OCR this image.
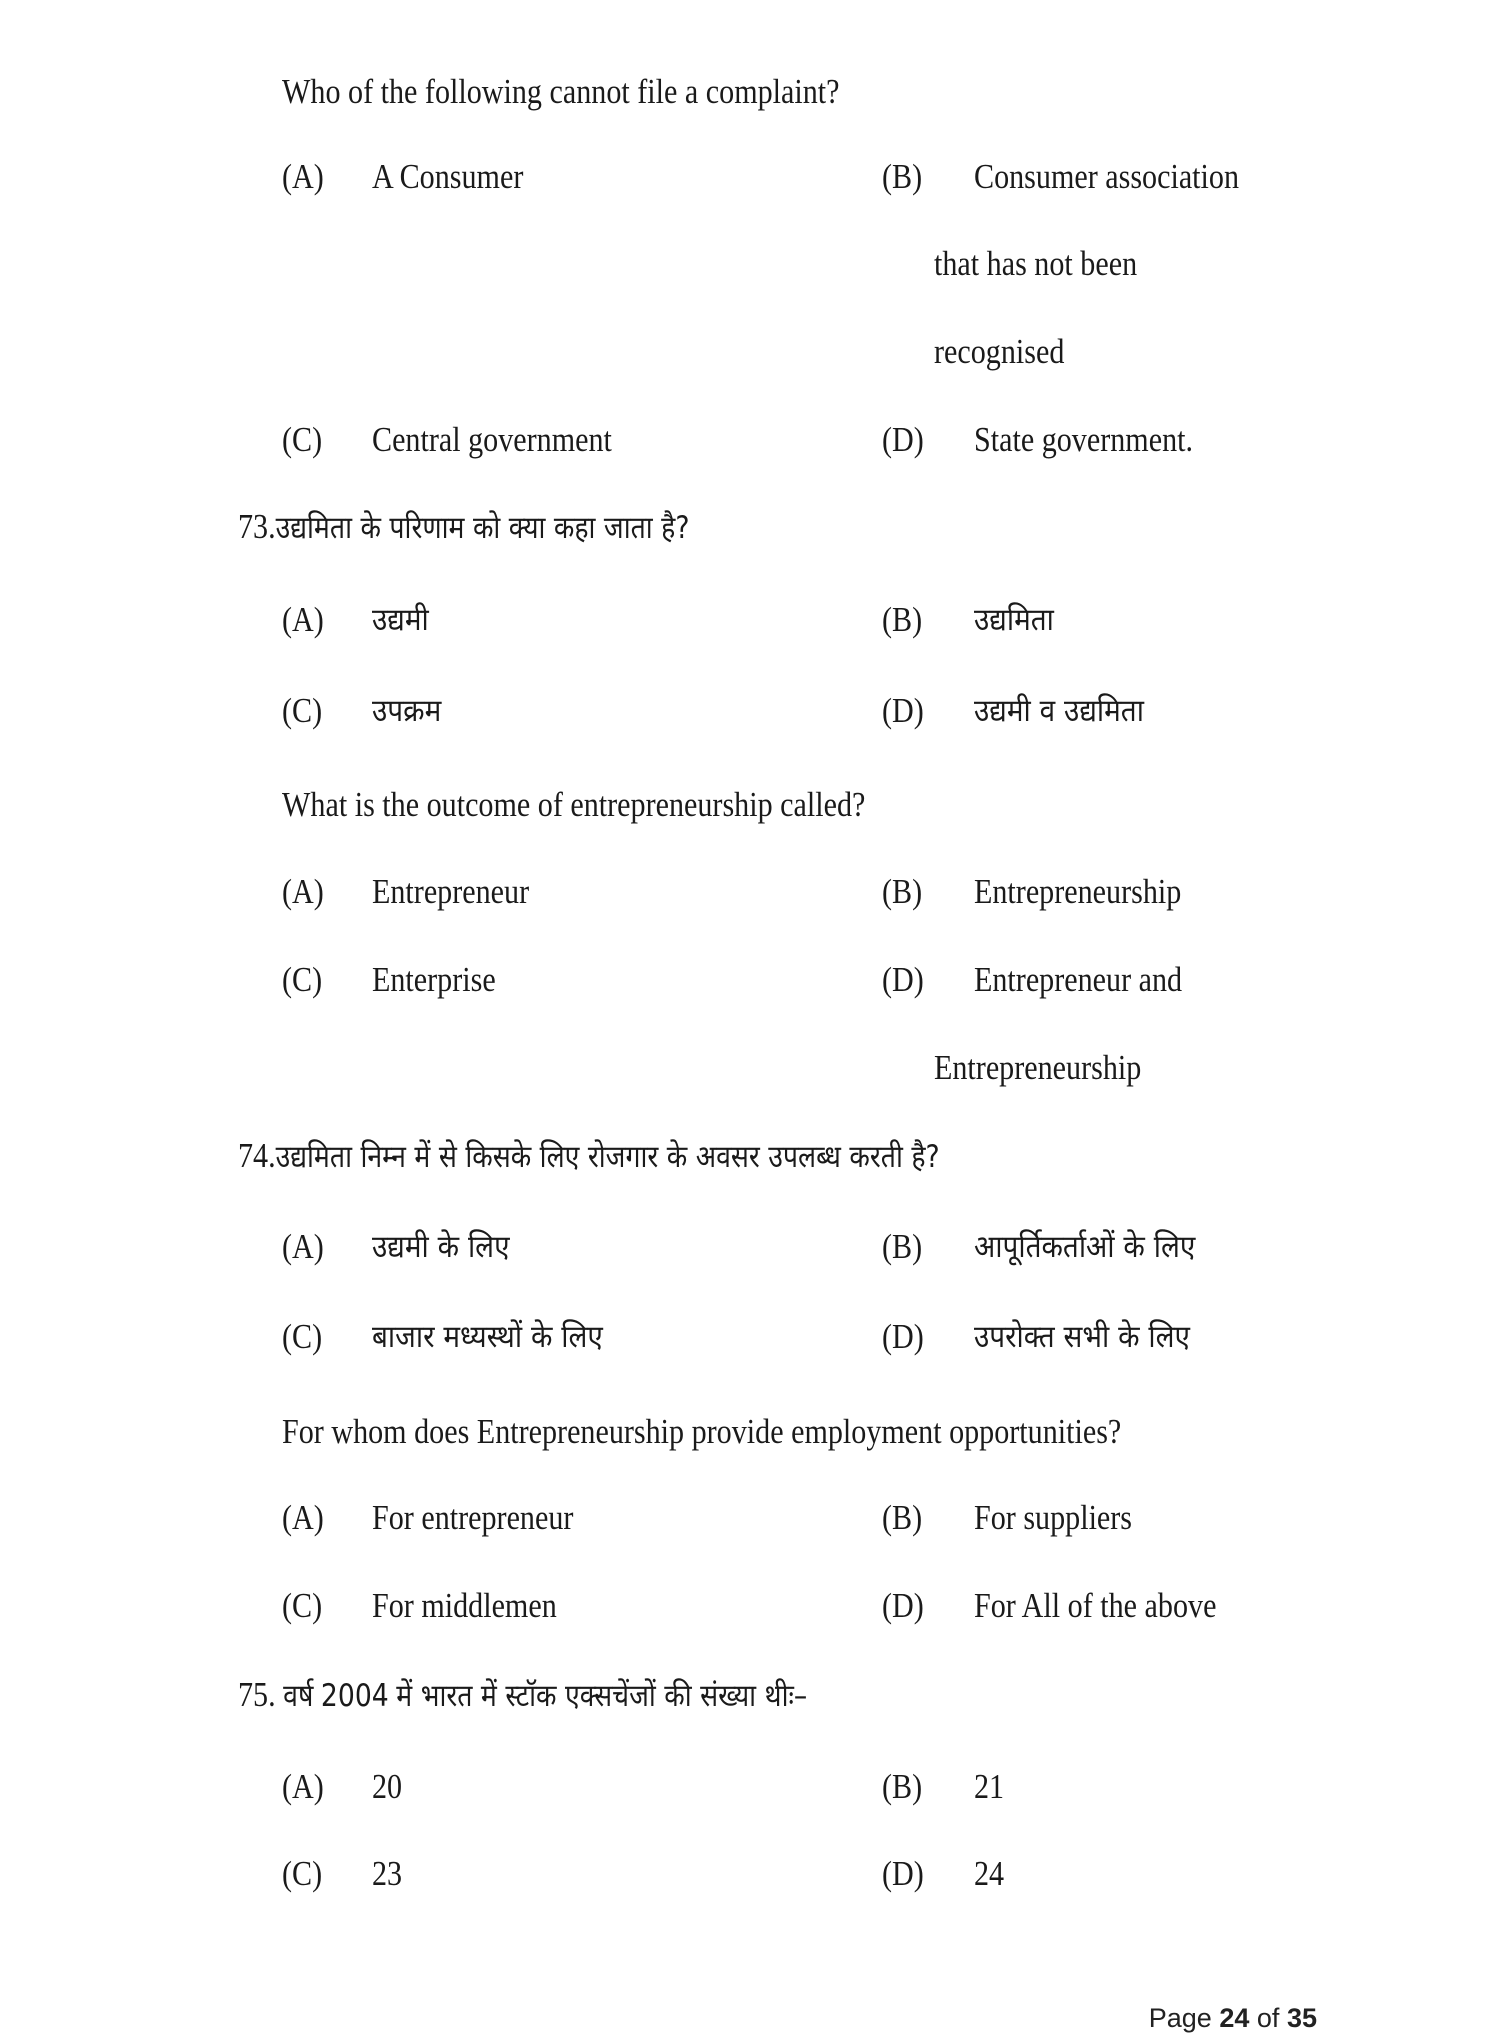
Who of the following cannot file a complaint?
(A) A Consumer	(B) Consumer association
that has not been
recognised
(C) Central government	(D) State government.
73.उद्यमिता के परिणाम को क्या कहा जाता है?
(A) उद्यमी	(B) उद्यमिता
(C) उपक्रम	(D) उद्यमी व उद्यमिता
What is the outcome of entrepreneurship called?
(A) Entrepreneur	(B) Entrepreneurship
(C) Enterprise	(D) Entrepreneur and
Entrepreneurship
74.उद्यमिता निम्न में से किसके लिए रोजगार के अवसर उपलब्ध करती है?
(A) उद्यमी के लिए	(B) आपूर्तिकर्ताओं के लिए
(C) बाजार मध्यस्थों के लिए	(D) उपरोक्त सभी के लिए
For whom does Entrepreneurship provide employment opportunities?
(A) For entrepreneur	(B) For suppliers
(C) For middlemen	(D) For All of the above
75. वर्ष 2004 में भारत में स्टॉक एक्सचेंजों की संख्या थीः–
(A) 20	(B) 21
(C) 23	(D) 24
Page 24 of 35
